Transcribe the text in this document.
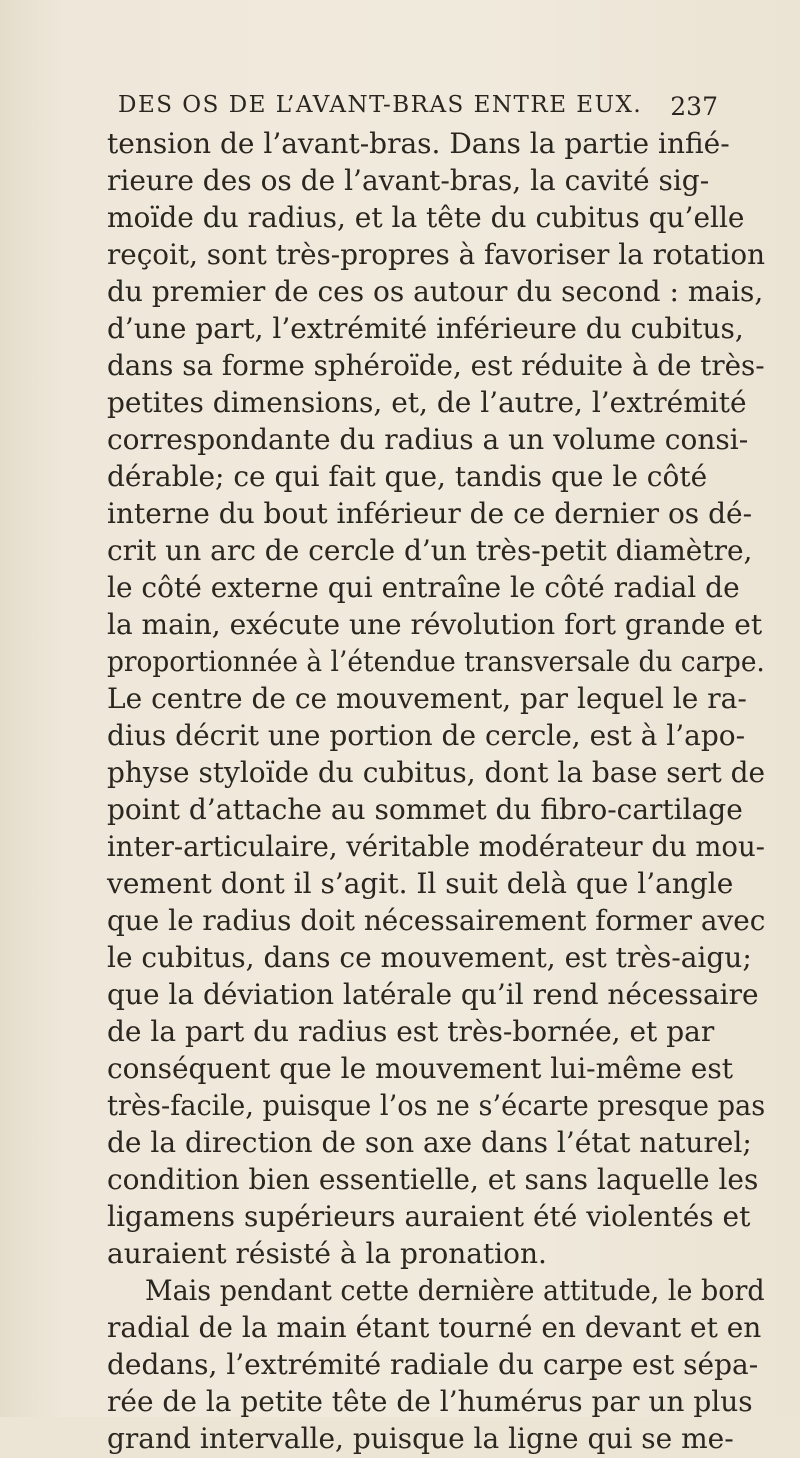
DES OS DE L’AVANT-BRAS ENTRE EUX. 237
tension de l’avant-bras. Dans la partie inﬁé-
rieure des os de l’avant-bras, la cavité sig-
moïde du radius, et la tête du cubitus qu’elle
reçoit, sont très-propres à favoriser la rotation
du premier de ces os autour du second : mais,
d’une part, l’extrémité inférieure du cubitus,
dans sa forme sphéroïde, est réduite à de très-
petites dimensions, et, de l’autre, l’extrémité
correspondante du radius a un volume consi-
dérable; ce qui fait que, tandis que le côté
interne du bout inférieur de ce dernier os dé-
crit un arc de cercle d’un très-petit diamètre,
le côté externe qui entraîne le côté radial de
la main, exécute une révolution fort grande et
proportionnée à l’étendue transversale du carpe.
Le centre de ce mouvement, par lequel le ra-
dius décrit une portion de cercle, est à l’apo-
physe styloïde du cubitus, dont la base sert de
point d’attache au sommet du fibro-cartilage
inter-articulaire, véritable modérateur du mou-
vement dont il s’agit. Il suit delà que l’angle
que le radius doit nécessairement former avec
le cubitus, dans ce mouvement, est très-aigu;
que la déviation latérale qu’il rend nécessaire
de la part du radius est très-bornée, et par
conséquent que le mouvement lui-même est
très-facile, puisque l’os ne s’écarte presque pas
de la direction de son axe dans l’état naturel;
condition bien essentielle, et sans laquelle les
ligamens supérieurs auraient été violentés et
auraient résisté à la pronation.
Mais pendant cette dernière attitude, le bord
radial de la main étant tourné en devant et en
dedans, l’extrémité radiale du carpe est sépa-
rée de la petite tête de l’humérus par un plus
grand intervalle, puisque la ligne qui se me-
